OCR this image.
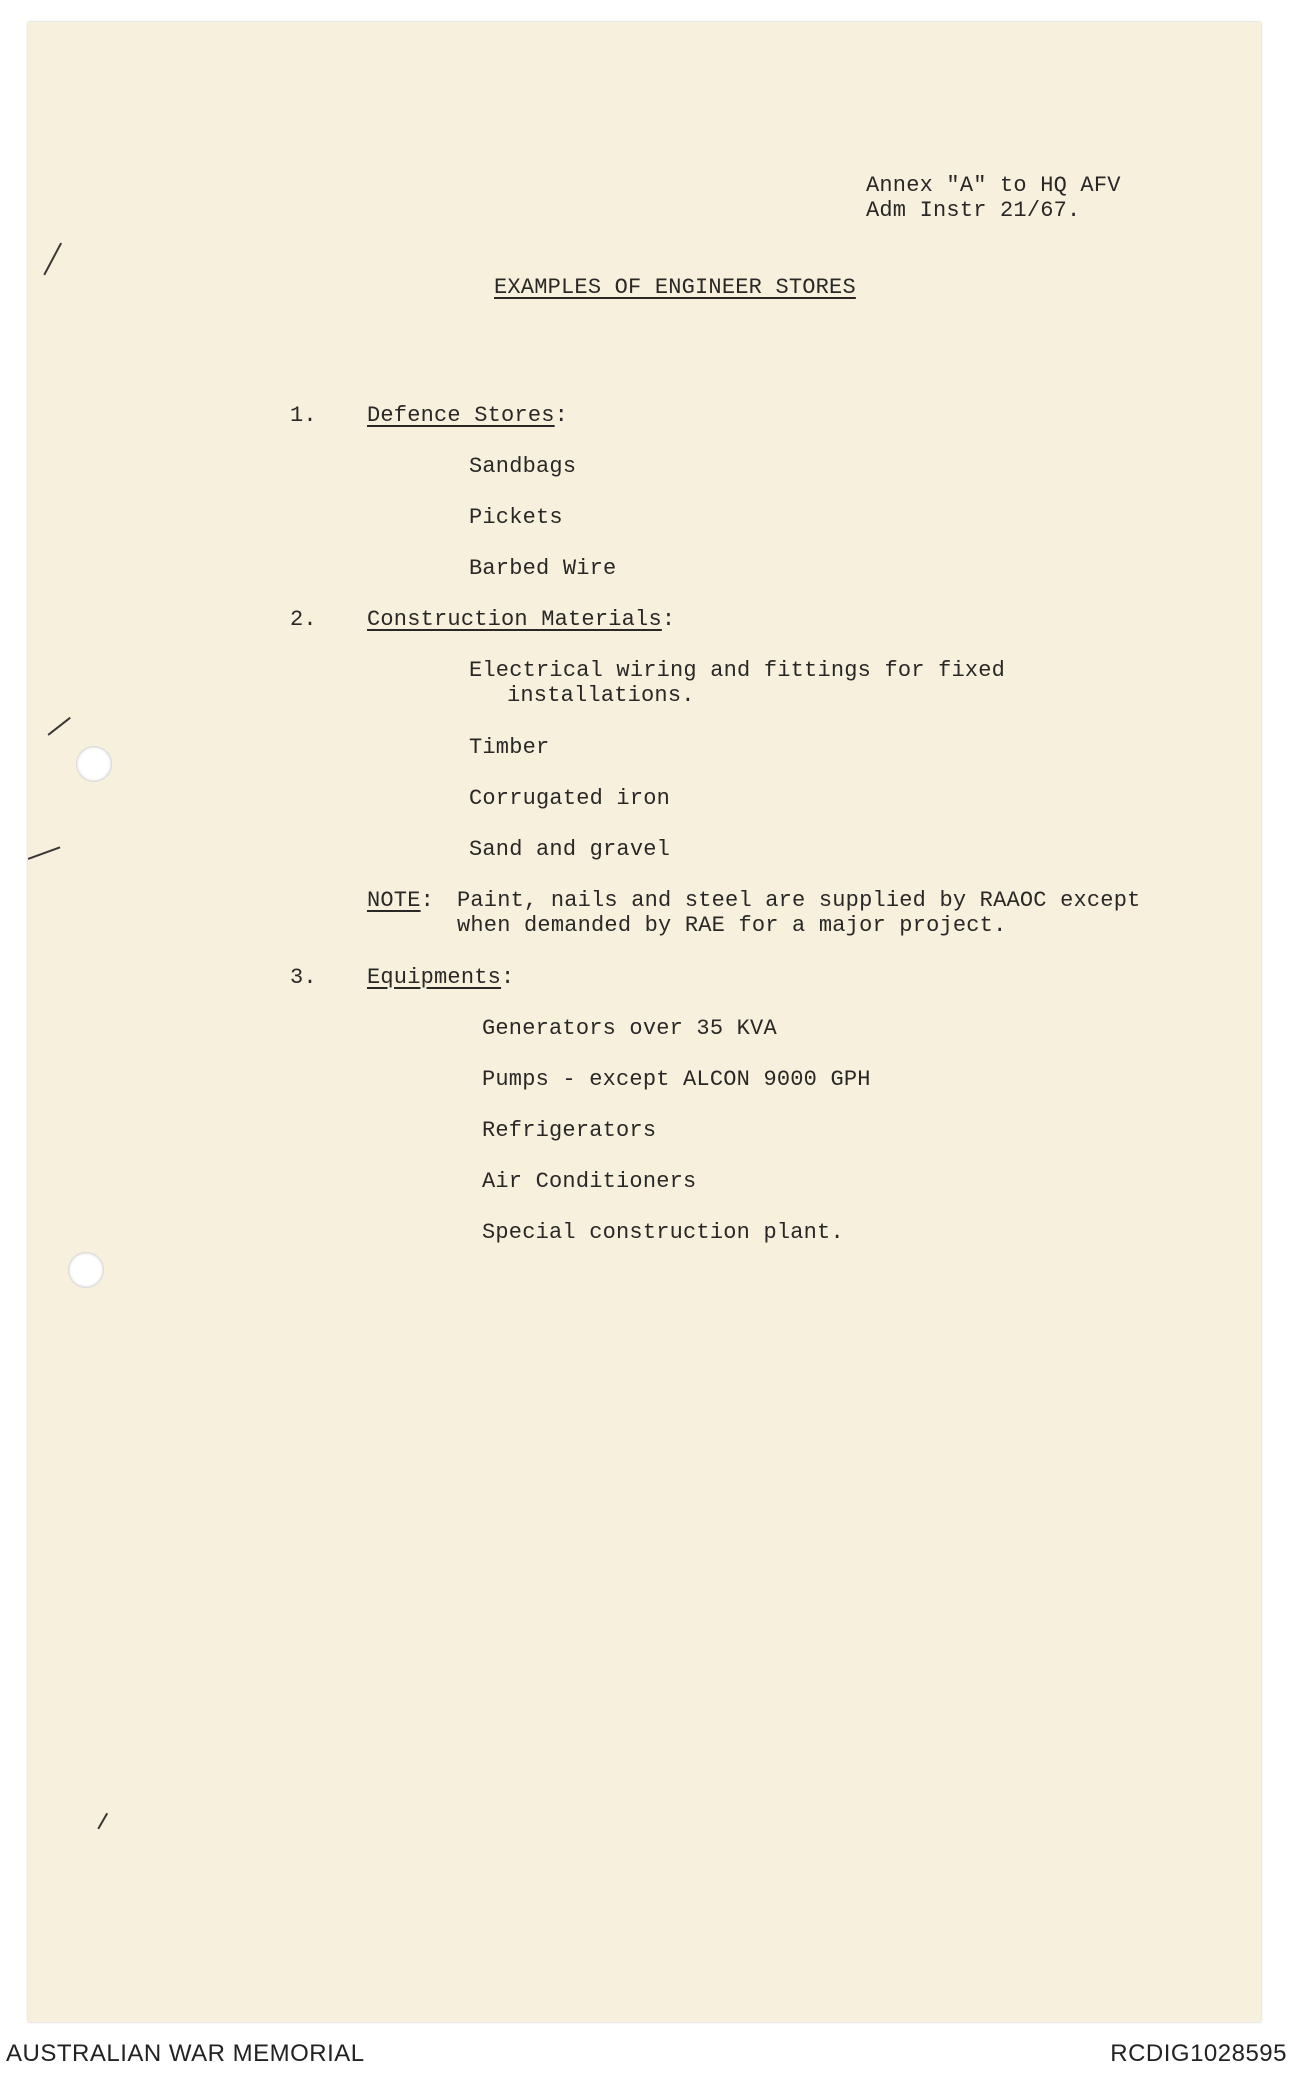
Annex "A" to HQ AFV
Adm Instr 21/67.
EXAMPLES OF ENGINEER STORES
1. Defence Stores:
Sandbags
Pickets
Barbed Wire
2. Construction Materials:
Electrical wiring and fittings for fixed
installations.
Timber
Corrugated iron
Sand and gravel
NOTE: Paint, nails and steel are supplied by RAAOC except
when demanded by RAE for a major project.
3. Equipments:
Generators over 35 KVA
Pumps - except ALCON 9000 GPH
Refrigerators
Air Conditioners
Special construction plant.
AUSTRALIAN WAR MEMORIAL	RCDIG1028595
